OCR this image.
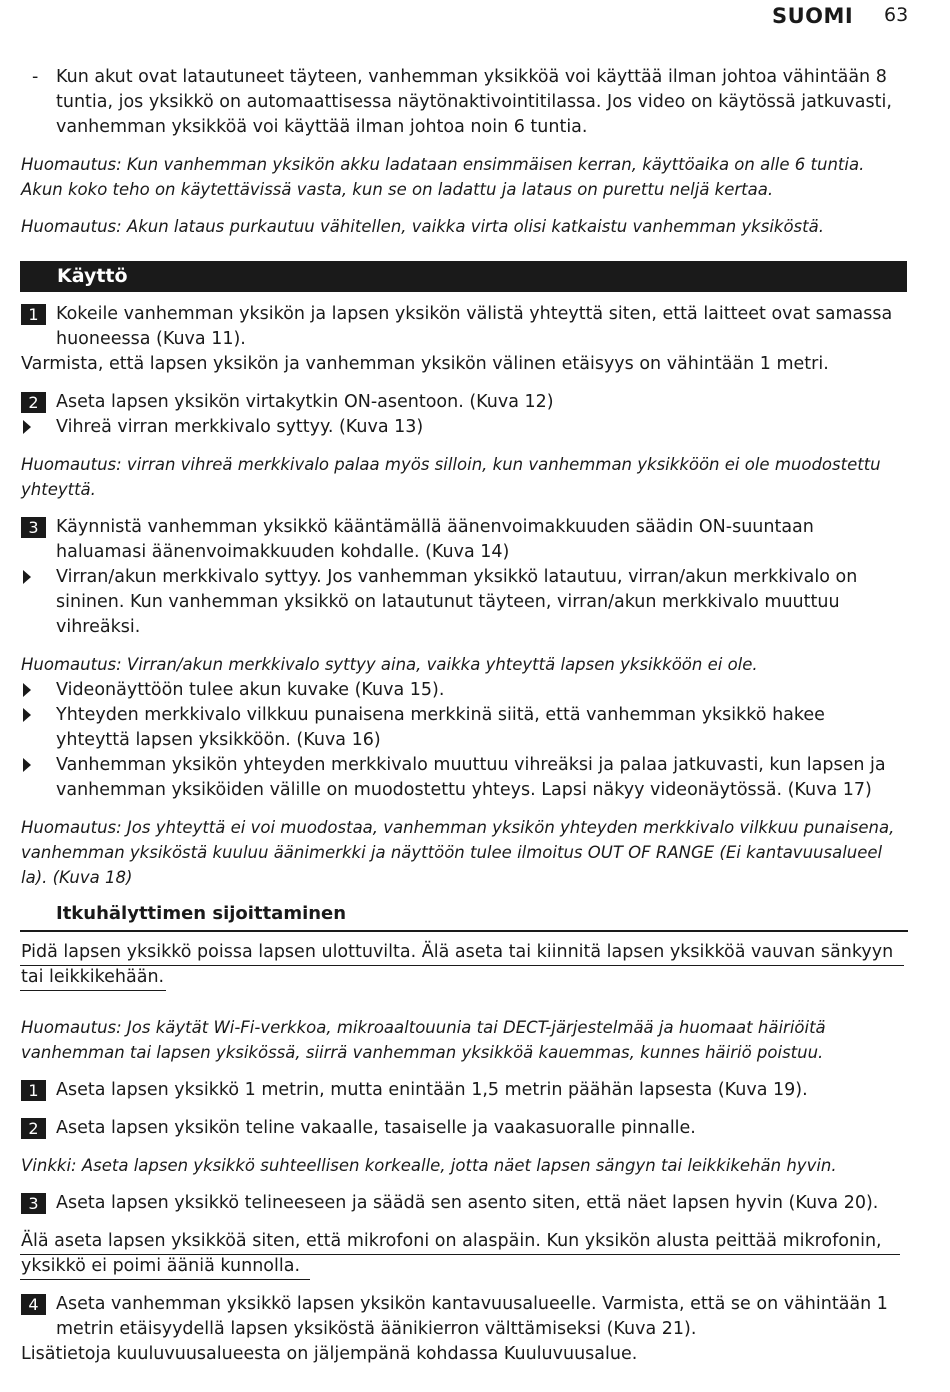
SUOMI 63
- Kun akut ovat latautuneet täyteen, vanhemman yksikköä voi käyttää ilman johtoa vähintään 8
tuntia, jos yksikkö on automaattisessa näytönaktivointitilassa. Jos video on käytössä jatkuvasti,
vanhemman yksikköä voi käyttää ilman johtoa noin 6 tuntia.
Huomautus: Kun vanhemman yksikön akku ladataan ensimmäisen kerran, käyttöaika on alle 6 tuntia.
Akun koko teho on käytettävissä vasta, kun se on ladattu ja lataus on purettu neljä kertaa.
Huomautus: Akun lataus purkautuu vähitellen, vaikka virta olisi katkaistu vanhemman yksiköstä.
Käyttö
1 Kokeile vanhemman yksikön ja lapsen yksikön välistä yhteyttä siten, että laitteet ovat samassa
huoneessa (Kuva 11).
Varmista, että lapsen yksikön ja vanhemman yksikön välinen etäisyys on vähintään 1 metri.
2 Aseta lapsen yksikön virtakytkin ON-asentoon. (Kuva 12)
Vihreä virran merkkivalo syttyy. (Kuva 13)
Huomautus: virran vihreä merkkivalo palaa myös silloin, kun vanhemman yksikköön ei ole muodostettu
yhteyttä.
3 Käynnistä vanhemman yksikkö kääntämällä äänenvoimakkuuden säädin ON-suuntaan
haluamasi äänenvoimakkuuden kohdalle. (Kuva 14)
Virran/akun merkkivalo syttyy. Jos vanhemman yksikkö latautuu, virran/akun merkkivalo on
sininen. Kun vanhemman yksikkö on latautunut täyteen, virran/akun merkkivalo muuttuu
vihreäksi.
Huomautus: Virran/akun merkkivalo syttyy aina, vaikka yhteyttä lapsen yksikköön ei ole.
Videonäyttöön tulee akun kuvake (Kuva 15).
Yhteyden merkkivalo vilkkuu punaisena merkkinä siitä, että vanhemman yksikkö hakee
yhteyttä lapsen yksikköön. (Kuva 16)
Vanhemman yksikön yhteyden merkkivalo muuttuu vihreäksi ja palaa jatkuvasti, kun lapsen ja
vanhemman yksiköiden välille on muodostettu yhteys. Lapsi näkyy videonäytössä. (Kuva 17)
Huomautus: Jos yhteyttä ei voi muodostaa, vanhemman yksikön yhteyden merkkivalo vilkkuu punaisena,
vanhemman yksiköstä kuuluu äänimerkki ja näyttöön tulee ilmoitus OUT OF RANGE (Ei kantavuusalueel
la). (Kuva 18)
Itkuhälyttimen sijoittaminen
Pidä lapsen yksikkö poissa lapsen ulottuvilta. Älä aseta tai kiinnitä lapsen yksikköä vauvan sänkyyn
tai leikkikehään.
Huomautus: Jos käytät Wi-Fi-verkkoa, mikroaaltouunia tai DECT-järjestelmää ja huomaat häiriöitä
vanhemman tai lapsen yksikössä, siirrä vanhemman yksikköä kauemmas, kunnes häiriö poistuu.
1 Aseta lapsen yksikkö 1 metrin, mutta enintään 1,5 metrin päähän lapsesta (Kuva 19).
2 Aseta lapsen yksikön teline vakaalle, tasaiselle ja vaakasuoralle pinnalle.
Vinkki: Aseta lapsen yksikkö suhteellisen korkealle, jotta näet lapsen sängyn tai leikkikehän hyvin.
3 Aseta lapsen yksikkö telineeseen ja säädä sen asento siten, että näet lapsen hyvin (Kuva 20).
Älä aseta lapsen yksikköä siten, että mikrofoni on alaspäin. Kun yksikön alusta peittää mikrofonin,
yksikkö ei poimi ääniä kunnolla.
4 Aseta vanhemman yksikkö lapsen yksikön kantavuusalueelle. Varmista, että se on vähintään 1
metrin etäisyydellä lapsen yksiköstä äänikierron välttämiseksi (Kuva 21).
Lisätietoja kuuluvuusalueesta on jäljempänä kohdassa Kuuluvuusalue.
